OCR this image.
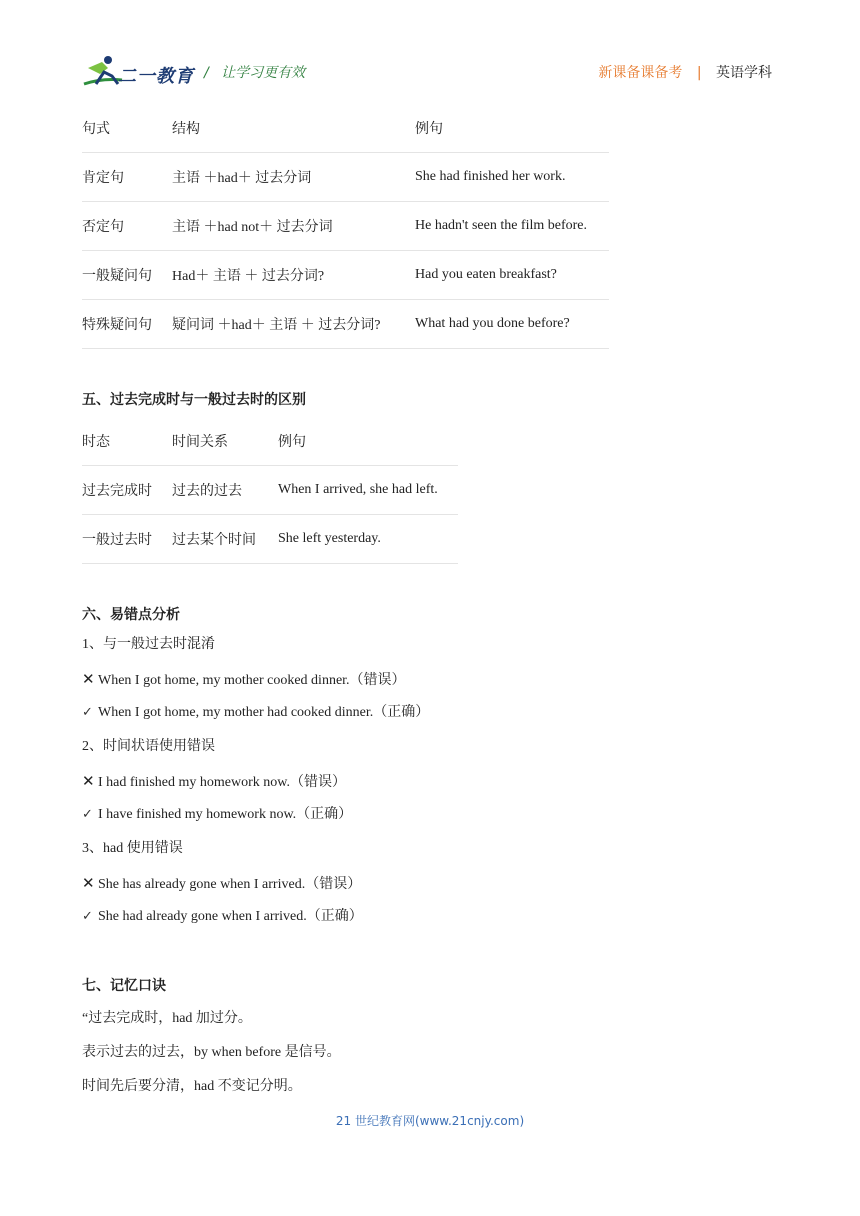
二一教育 / 让学习更有效	新课备课备考 | 英语学科
句式	结构	例句
肯定句	主语 ＋had＋ 过去分词	She had finished her work.
否定句	主语 ＋had not＋ 过去分词	He hadn't seen the film before.
一般疑问句	Had＋ 主语 ＋ 过去分词?	Had you eaten breakfast?
特殊疑问句	疑问词 ＋had＋ 主语 ＋ 过去分词?	What had you done before?
五、过去完成时与一般过去时的区别
时态	时间关系	例句
过去完成时	过去的过去	When I arrived, she had left.
一般过去时	过去某个时间	She left yesterday.
六、易错点分析
1、与一般过去时混淆
✕ When I got home, my mother cooked dinner.（错误）
✓ When I got home, my mother had cooked dinner.（正确）
2、时间状语使用错误
✕ I had finished my homework now.（错误）
✓ I have finished my homework now.（正确）
3、had 使用错误
✕ She has already gone when I arrived.（错误）
✓ She had already gone when I arrived.（正确）
七、记忆口诀
“过去完成时，had 加过分。
表示过去的过去，by when before 是信号。
时间先后要分清，had 不变记分明。
21 世纪教育网(www.21cnjy.com)
